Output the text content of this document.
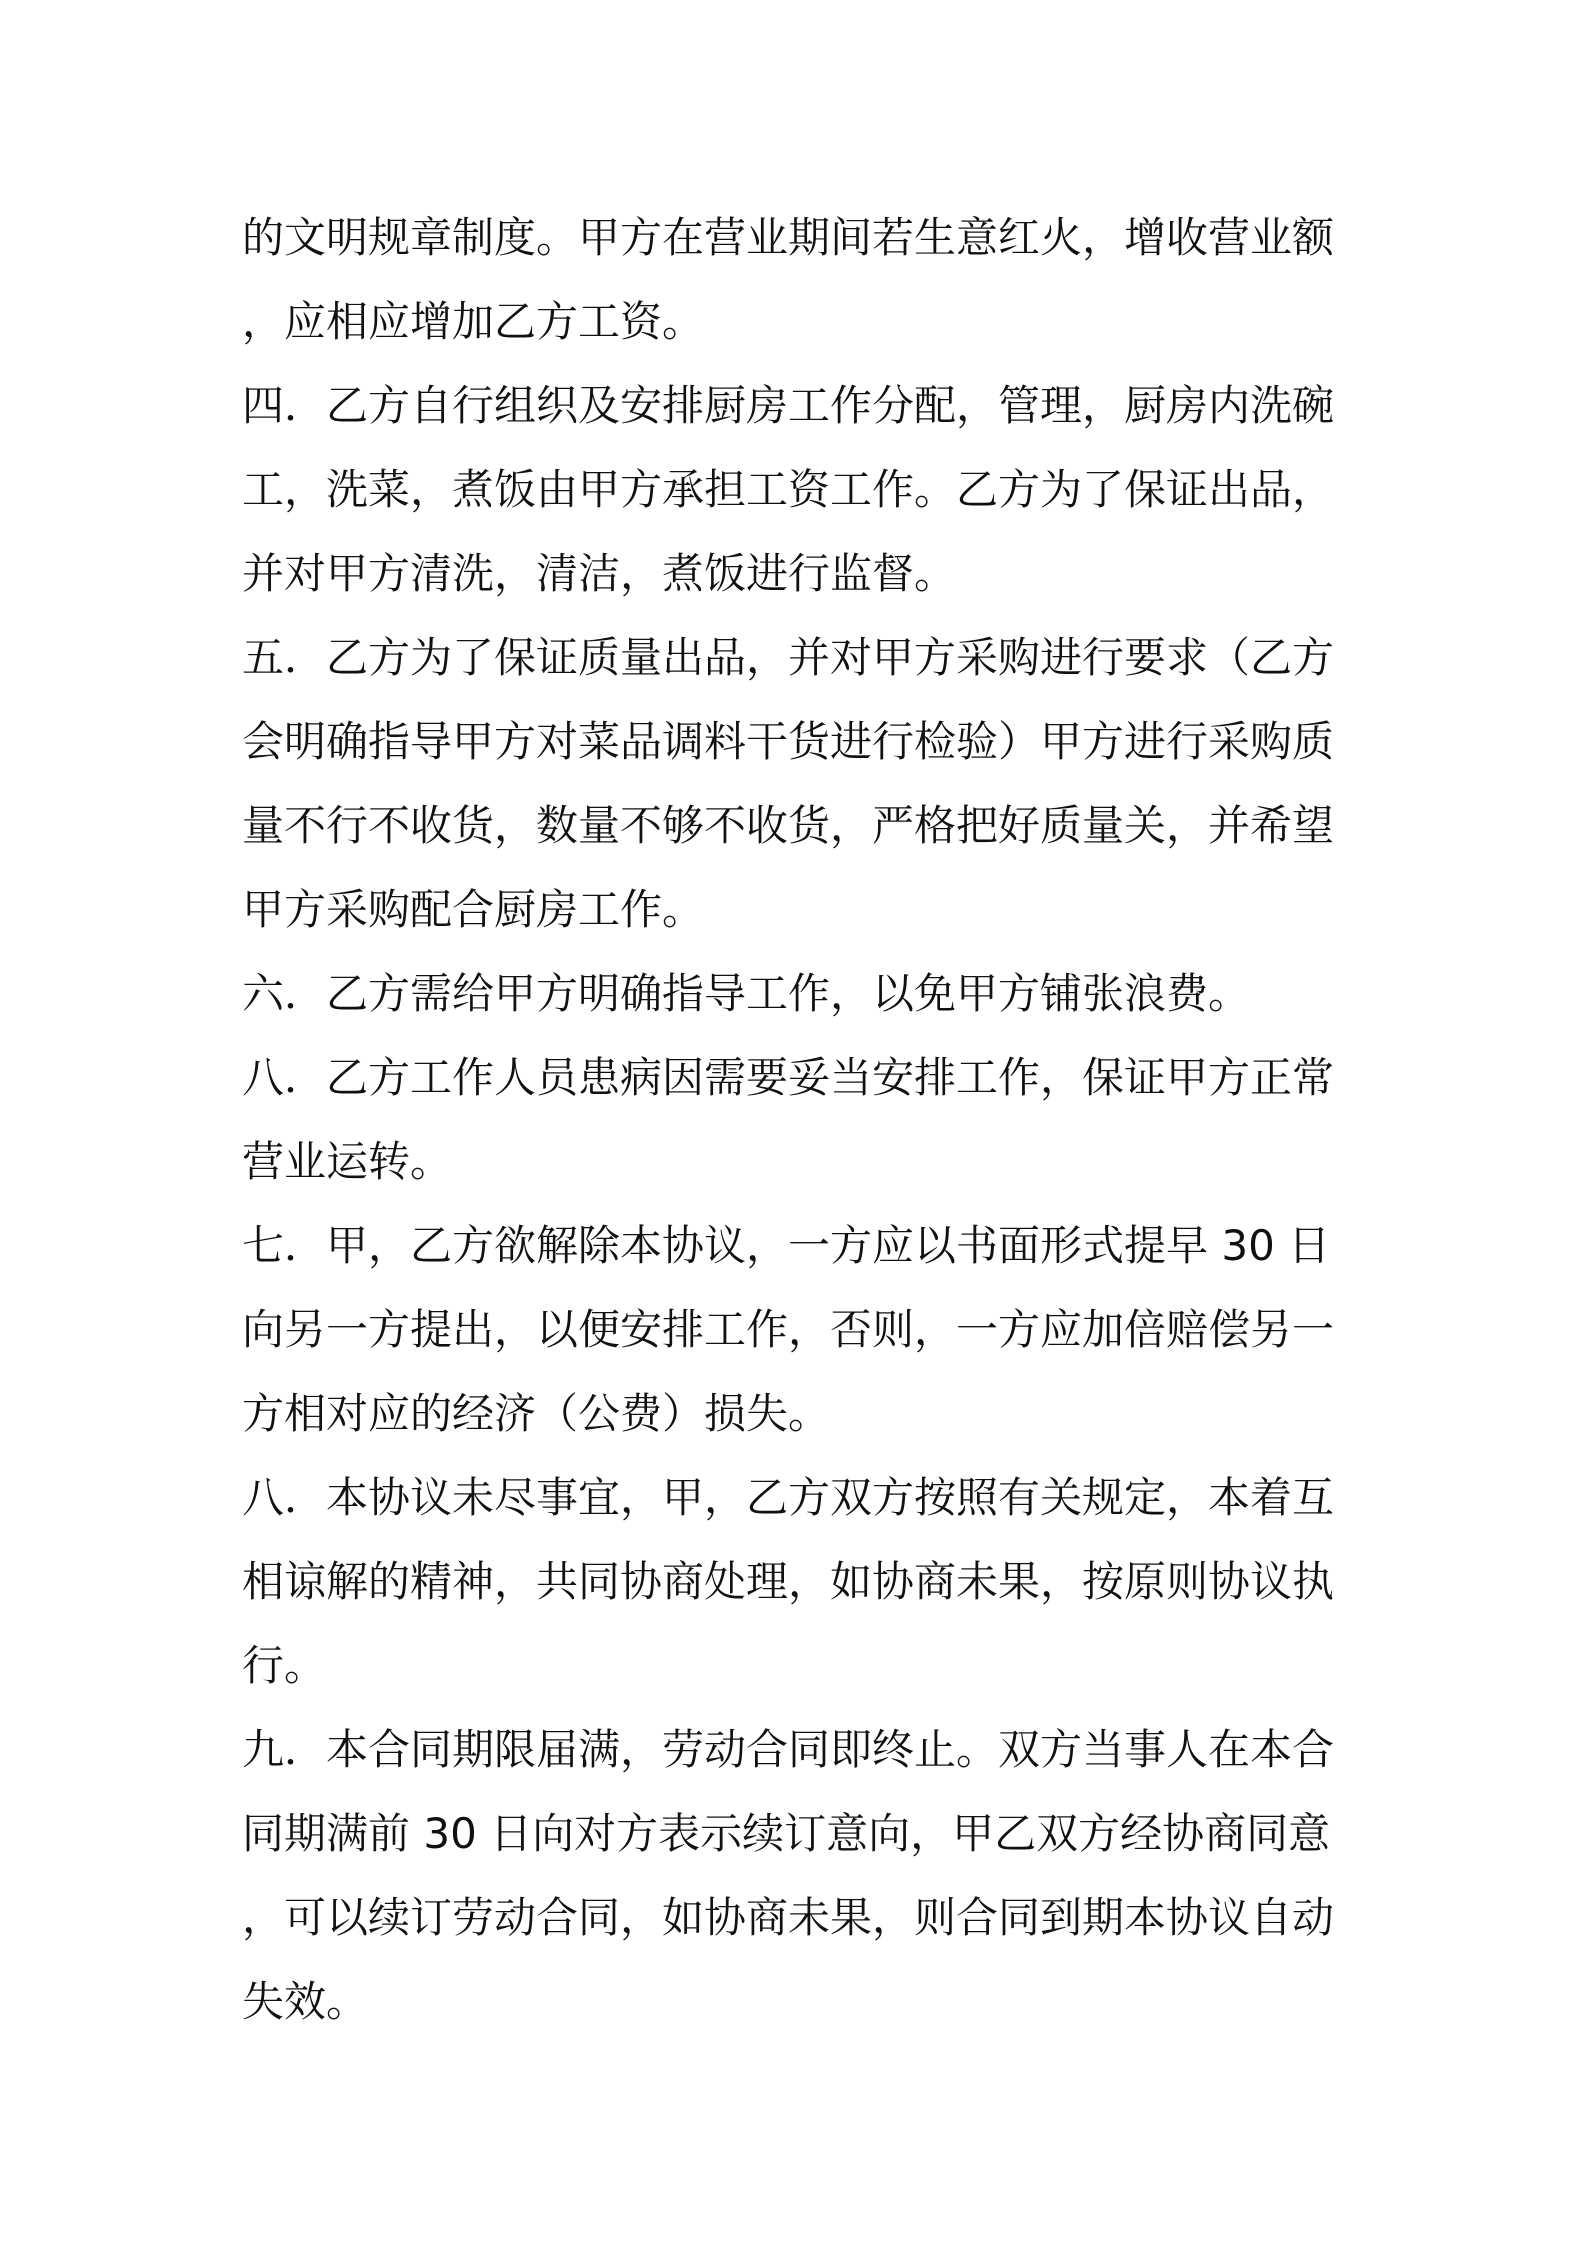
的文明规章制度。甲方在营业期间若生意红火，增收营业额
，应相应增加乙方工资。
四．乙方自行组织及安排厨房工作分配，管理，厨房内洗碗
工，洗菜，煮饭由甲方承担工资工作。乙方为了保证出品，
并对甲方清洗，清洁，煮饭进行监督。
五．乙方为了保证质量出品，并对甲方采购进行要求（乙方
会明确指导甲方对菜品调料干货进行检验）甲方进行采购质
量不行不收货，数量不够不收货，严格把好质量关，并希望
甲方采购配合厨房工作。
六．乙方需给甲方明确指导工作，以免甲方铺张浪费。
八．乙方工作人员患病因需要妥当安排工作，保证甲方正常
营业运转。
七．甲，乙方欲解除本协议，一方应以书面形式提早 30 日
向另一方提出，以便安排工作，否则，一方应加倍赔偿另一
方相对应的经济（公费）损失。
八．本协议未尽事宜，甲，乙方双方按照有关规定，本着互
相谅解的精神，共同协商处理，如协商未果，按原则协议执
行。
九．本合同期限届满，劳动合同即终止。双方当事人在本合
同期满前 30 日向对方表示续订意向，甲乙双方经协商同意
，可以续订劳动合同，如协商未果，则合同到期本协议自动
失效。
